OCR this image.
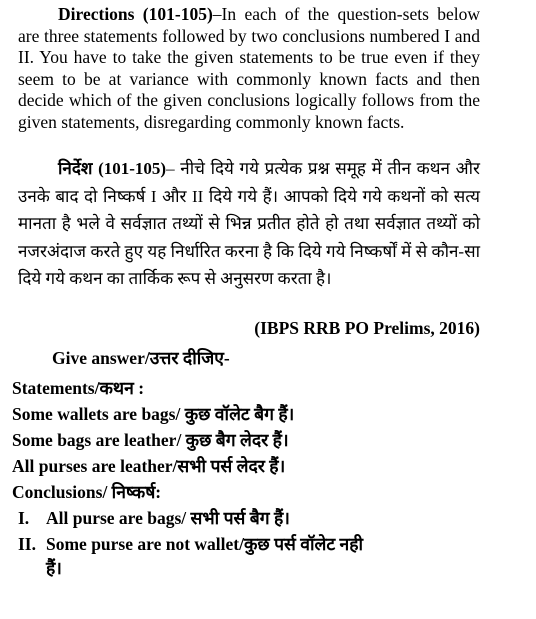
Directions (101-105)–In each of the question-sets below are three statements followed by two conclusions numbered I and II. You have to take the given statements to be true even if they seem to be at variance with commonly known facts and then decide which of the given conclusions logically follows from the given statements, disregarding commonly known facts.

निर्देश (101-105)– नीचे दिये गये प्रत्येक प्रश्न समूह में तीन कथन और उनके बाद दो निष्कर्ष I और II दिये गये हैं। आपको दिये गये कथनों को सत्य मानता है भले वे सर्वज्ञात तथ्यों से भिन्न प्रतीत होते हो तथा सर्वज्ञात तथ्यों को नजरअंदाज करते हुए यह निर्धारित करना है कि दिये गये निष्कर्षों में से कौन-सा दिये गये कथन का तार्किक रूप से अनुसरण करता है।

(IBPS RRB PO Prelims, 2016)
Give answer/उत्तर दीजिए-
Statements/कथन :
Some wallets are bags/ कुछ वॉलेट बैग हैं।
Some bags are leather/ कुछ बैग लेदर हैं।
All purses are leather/सभी पर्स लेदर हैं।
Conclusions/ निष्कर्ष:
I. All purse are bags/ सभी पर्स बैग हैं।
II. Some purse are not wallet/कुछ पर्स वॉलेट नही
हैं।
